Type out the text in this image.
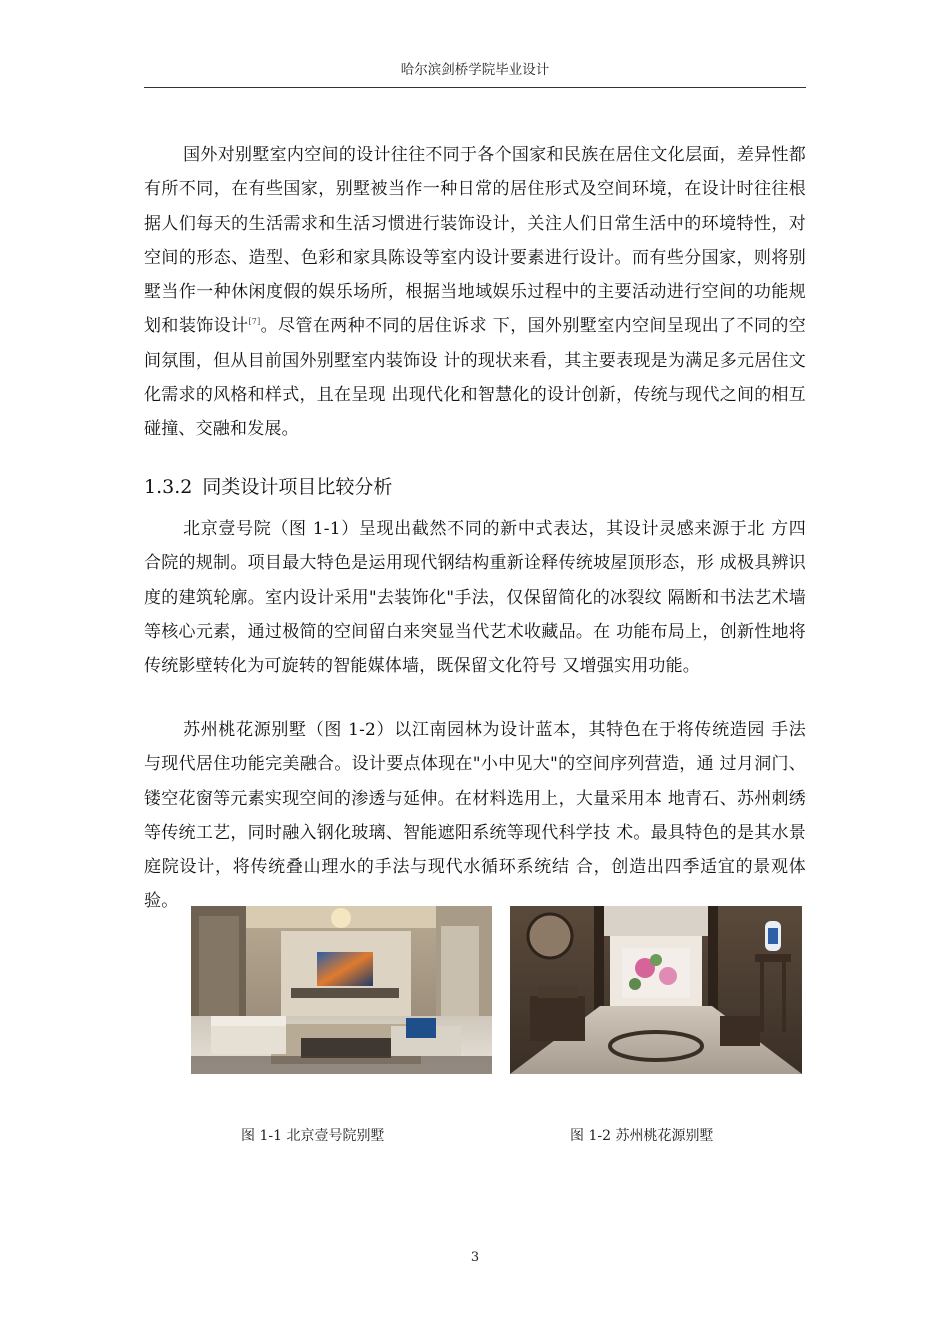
哈尔滨剑桥学院毕业设计
国外对别墅室内空间的设计往往不同于各个国家和民族在居住文化层面，差异性都有所不同，在有些国家，别墅被当作一种日常的居住形式及空间环境，在设计时往往根据人们每天的生活需求和生活习惯进行装饰设计，关注人们日常生活中的环境特性，对空间的形态、造型、色彩和家具陈设等室内设计要素进行设计。而有些分国家，则将别墅当作一种休闲度假的娱乐场所，根据当地域娱乐过程中的主要活动进行空间的功能规划和装饰设计[7]。尽管在两种不同的居住诉求 下，国外别墅室内空间呈现出了不同的空间氛围，但从目前国外别墅室内装饰设 计的现状来看，其主要表现是为满足多元居住文化需求的风格和样式，且在呈现 出现代化和智慧化的设计创新，传统与现代之间的相互碰撞、交融和发展。
1.3.2 同类设计项目比较分析
北京壹号院（图 1-1）呈现出截然不同的新中式表达，其设计灵感来源于北 方四合院的规制。项目最大特色是运用现代钢结构重新诠释传统坡屋顶形态，形 成极具辨识度的建筑轮廓。室内设计采用"去装饰化"手法，仅保留简化的冰裂纹 隔断和书法艺术墙等核心元素，通过极简的空间留白来突显当代艺术收藏品。在 功能布局上，创新性地将传统影壁转化为可旋转的智能媒体墙，既保留文化符号 又增强实用功能。
苏州桃花源别墅（图 1-2）以江南园林为设计蓝本，其特色在于将传统造园 手法与现代居住功能完美融合。设计要点体现在"小中见大"的空间序列营造，通 过月洞门、镂空花窗等元素实现空间的渗透与延伸。在材料选用上，大量采用本 地青石、苏州刺绣等传统工艺，同时融入钢化玻璃、智能遮阳系统等现代科学技 术。最具特色的是其水景庭院设计，将传统叠山理水的手法与现代水循环系统结 合，创造出四季适宜的景观体验。
图 1-1 北京壹号院别墅	图 1-2 苏州桃花源别墅
3
